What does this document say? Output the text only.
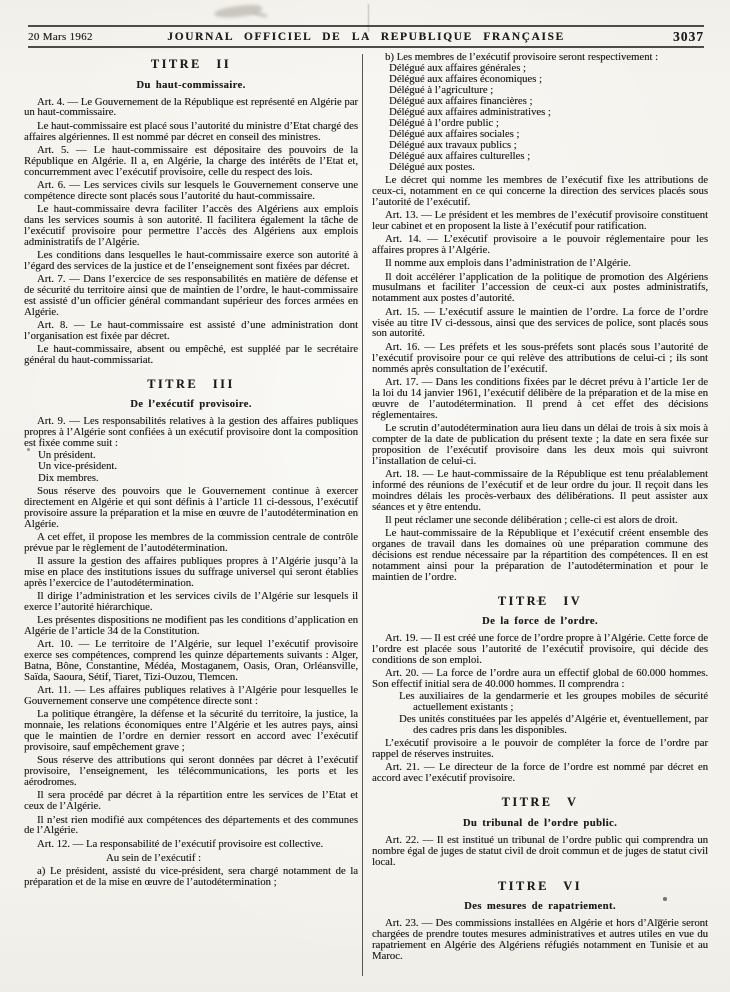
20 Mars 1962	JOURNAL OFFICIEL DE LA REPUBLIQUE FRANÇAISE	3037

TITRE II

Du haut-commissaire.

Art. 4. — Le Gouvernement de la République est représenté en Algérie par un haut-commissaire.

Le haut-commissaire est placé sous l’autorité du ministre d’Etat chargé des affaires algériennes. Il est nommé par décret en conseil des ministres.

Art. 5. — Le haut-commissaire est dépositaire des pouvoirs de la République en Algérie. Il a, en Algérie, la charge des intérêts de l’Etat et, concurremment avec l’exécutif provisoire, celle du respect des lois.

Art. 6. — Les services civils sur lesquels le Gouvernement conserve une compétence directe sont placés sous l’autorité du haut-commissaire.

Le haut-commissaire devra faciliter l’accès des Algériens aux emplois dans les services soumis à son autorité. Il facilitera également la tâche de l’exécutif provisoire pour permettre l’accès des Algériens aux emplois administratifs de l’Algérie.

Les conditions dans lesquelles le haut-commissaire exerce son autorité à l’égard des services de la justice et de l’enseignement sont fixées par décret.

Art. 7. — Dans l’exercice de ses responsabilités en matière de défense et de sécurité du territoire ainsi que de maintien de l’ordre, le haut-commissaire est assisté d’un officier général commandant supérieur des forces armées en Algérie.

Art. 8. — Le haut-commissaire est assisté d’une administration dont l’organisation est fixée par décret.

Le haut-commissaire, absent ou empêché, est suppléé par le secrétaire général du haut-commissariat.

TITRE III

De l’exécutif provisoire.

Art. 9. — Les responsabilités relatives à la gestion des affaires publiques propres à l’Algérie sont confiées à un exécutif provisoire dont la composition est fixée comme suit :

Un président.

Un vice-président.

Dix membres.

Sous réserve des pouvoirs que le Gouvernement continue à exercer directement en Algérie et qui sont définis à l’article 11 ci-dessous, l’exécutif provisoire assure la préparation et la mise en œuvre de l’autodétermination en Algérie.

A cet effet, il propose les membres de la commission centrale de contrôle prévue par le règlement de l’autodétermination.

Il assure la gestion des affaires publiques propres à l’Algérie jusqu’à la mise en place des institutions issues du suffrage universel qui seront établies après l’exercice de l’autodétermination.

Il dirige l’administration et les services civils de l’Algérie sur lesquels il exerce l’autorité hiérarchique.

Les présentes dispositions ne modifient pas les conditions d’application en Algérie de l’article 34 de la Constitution.

Art. 10. — Le territoire de l’Algérie, sur lequel l’exécutif provisoire exerce ses compétences, comprend les quinze départements suivants : Alger, Batna, Bône, Constantine, Médéa, Mostaganem, Oasis, Oran, Orléansville, Saïda, Saoura, Sétif, Tiaret, Tizi-Ouzou, Tlemcen.

Art. 11. — Les affaires publiques relatives à l’Algérie pour lesquelles le Gouvernement conserve une compétence directe sont :

La politique étrangère, la défense et la sécurité du territoire, la justice, la monnaie, les relations économiques entre l’Algérie et les autres pays, ainsi que le maintien de l’ordre en dernier ressort en accord avec l’exécutif provisoire, sauf empêchement grave ;

Sous réserve des attributions qui seront données par décret à l’exécutif provisoire, l’enseignement, les télécommunications, les ports et les aérodromes.

Il sera procédé par décret à la répartition entre les services de l’Etat et ceux de l’Algérie.

Il n’est rien modifié aux compétences des départements et des communes de l’Algérie.

Art. 12. — La responsabilité de l’exécutif provisoire est collective.

Au sein de l’exécutif :

a) Le président, assisté du vice-président, sera chargé notamment de la préparation et de la mise en œuvre de l’autodétermination ;

b) Les membres de l’exécutif provisoire seront respectivement :

Délégué aux affaires générales ;

Délégué aux affaires économiques ;

Délégué à l’agriculture ;

Délégué aux affaires financières ;

Délégué aux affaires administratives ;

Délégué à l’ordre public ;

Délégué aux affaires sociales ;

Délégué aux travaux publics ;

Délégué aux affaires culturelles ;

Délégué aux postes.

Le décret qui nomme les membres de l’exécutif fixe les attributions de ceux-ci, notamment en ce qui concerne la direction des services placés sous l’autorité de l’exécutif.

Art. 13. — Le président et les membres de l’exécutif provisoire constituent leur cabinet et en proposent la liste à l’exécutif pour ratification.

Art. 14. — L’exécutif provisoire a le pouvoir réglementaire pour les affaires propres à l’Algérie.

Il nomme aux emplois dans l’administration de l’Algérie.

Il doit accélérer l’application de la politique de promotion des Algériens musulmans et faciliter l’accession de ceux-ci aux postes administratifs, notamment aux postes d’autorité.

Art. 15. — L’exécutif assure le maintien de l’ordre. La force de l’ordre visée au titre IV ci-dessous, ainsi que des services de police, sont placés sous son autorité.

Art. 16. — Les préfets et les sous-préfets sont placés sous l’autorité de l’exécutif provisoire pour ce qui relève des attributions de celui-ci ; ils sont nommés après consultation de l’exécutif.

Art. 17. — Dans les conditions fixées par le décret prévu à l’article 1er de la loi du 14 janvier 1961, l’exécutif délibère de la préparation et de la mise en œuvre de l’autodétermination. Il prend à cet effet des décisions réglementaires.

Le scrutin d’autodétermination aura lieu dans un délai de trois à six mois à compter de la date de publication du présent texte ; la date en sera fixée sur proposition de l’exécutif provisoire dans les deux mois qui suivront l’installation de celui-ci.

Art. 18. — Le haut-commissaire de la République est tenu préalablement informé des réunions de l’exécutif et de leur ordre du jour. Il reçoit dans les moindres délais les procès-verbaux des délibérations. Il peut assister aux séances et y être entendu.

Il peut réclamer une seconde délibération ; celle-ci est alors de droit.

Le haut-commissaire de la République et l’exécutif créent ensemble des organes de travail dans les domaines où une préparation commune des décisions est rendue nécessaire par la répartition des compétences. Il en est notamment ainsi pour la préparation de l’autodétermination et pour le maintien de l’ordre.

TITRE IV

De la force de l’ordre.

Art. 19. — Il est créé une force de l’ordre propre à l’Algérie. Cette force de l’ordre est placée sous l’autorité de l’exécutif provisoire, qui décide des conditions de son emploi.

Art. 20. — La force de l’ordre aura un effectif global de 60.000 hommes. Son effectif initial sera de 40.000 hommes. Il comprendra :

Les auxiliaires de la gendarmerie et les groupes mobiles de sécurité actuellement existants ;

Des unités constituées par les appelés d’Algérie et, éventuellement, par des cadres pris dans les disponibles.

L’exécutif provisoire a le pouvoir de compléter la force de l’ordre par rappel de réserves instruites.

Art. 21. — Le directeur de la force de l’ordre est nommé par décret en accord avec l’exécutif provisoire.

TITRE V

Du tribunal de l’ordre public.

Art. 22. — Il est institué un tribunal de l’ordre public qui comprendra un nombre égal de juges de statut civil de droit commun et de juges de statut civil local.

TITRE VI

Des mesures de rapatriement.

Art. 23. — Des commissions installées en Algérie et hors d’Algérie seront chargées de prendre toutes mesures administratives et autres utiles en vue du rapatriement en Algérie des Algériens réfugiés notamment en Tunisie et au Maroc.
